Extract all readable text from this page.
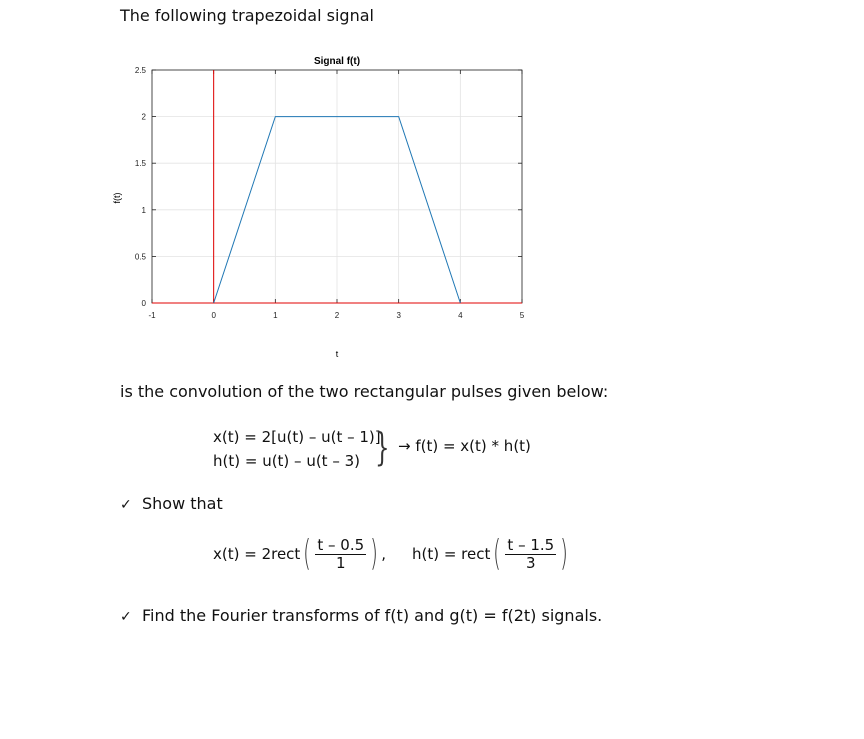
The following trapezoidal signal
-1	0	1	2	3	4	5
0
0.5
1
1.5
2
2.5
Signal f(t)
t
f(t)
is the convolution of the two rectangular pulses given below:
x(t) = 2[u(t) – u(t – 1)]
h(t) = u(t) – u(t – 3) } → f(t) = x(t) * h(t)
✓ Show that
x(t) = 2rect ( $\frac{t - 0.5}{1}$ ) , h(t) = rect ( $\frac{t - 1.5}{3}$ )
✓ Find the Fourier transforms of f(t) and g(t) = f(2t) signals.
